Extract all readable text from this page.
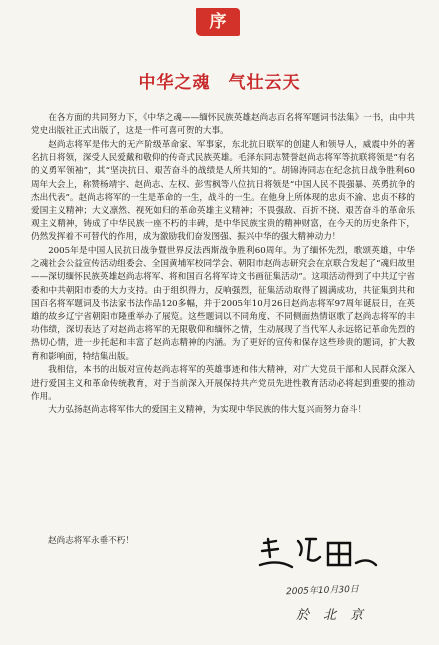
序
中华之魂 气壮云天

在各方面的共同努力下，《中华之魂——缅怀民族英雄赵尚志百名将军题词书法集》一书，由中共党史出版社正式出版了，这是一件可喜可贺的大事。

赵尚志将军是伟大的无产阶级革命家、军事家，东北抗日联军的创建人和领导人，威震中外的著名抗日将领，深受人民爱戴和敬仰的传奇式民族英雄。毛泽东同志赞誉赵尚志将军等抗联将领是“有名的义勇军领袖”，其“坚决抗日、艰苦奋斗的战绩是人所共知的”。胡锦涛同志在纪念抗日战争胜利60周年大会上，称赞杨靖宇、赵尚志、左权、彭雪枫等八位抗日将领是“中国人民不畏强暴、英勇抗争的杰出代表”。赵尚志将军的一生是革命的一生，战斗的一生。在他身上所体现的忠贞不渝、忠贞不移的爱国主义精神；大义凛然、视死如归的革命英雄主义精神；不畏强敌、百折不挠、艰苦奋斗的革命乐观主义精神，铸成了中华民族一座不朽的丰碑，是中华民族宝贵的精神财富，在今天的历史条件下，仍然发挥着不可替代的作用，成为激励我们奋发图强、振兴中华的强大精神动力！

2005年是中国人民抗日战争暨世界反法西斯战争胜利60周年。为了缅怀先烈，歌颂英雄，中华之魂社会公益宣传活动组委会、全国黄埔军校同学会、朝阳市赵尚志研究会在京联合发起了“魂归故里——深切缅怀民族英雄赵尚志将军、将和国百名将军诗文书画征集活动”。这项活动得到了中共辽宁省委和中共朝阳市委的大力支持。由于组织得力，反响强烈，征集活动取得了圆满成功，共征集到共和国百名将军题词及书法家书法作品120多幅，并于2005年10月26日赵尚志将军97周年诞辰日，在英雄的故乡辽宁省朝阳市隆重举办了展览。这些题词以不同角度、不同侧面热情讴歌了赵尚志将军的丰功伟绩，深切表达了对赵尚志将军的无限敬仰和缅怀之情，生动展现了当代军人永远铭记革命先烈的热切心情，进一步托起和丰富了赵尚志精神的内涵。为了更好的宣传和保存这些珍贵的题词，扩大教育和影响面，特结集出版。

我相信，本书的出版对宣传赵尚志将军的英雄事迹和伟大精神，对广大党员干部和人民群众深入进行爱国主义和革命传统教育，对于当前深入开展保持共产党员先进性教育活动必将起到重要的推动作用。

大力弘扬赵尚志将军伟大的爱国主义精神，为实现中华民族的伟大复兴而努力奋斗！

赵尚志将军永垂不朽！
2005年10月30日
於北京
